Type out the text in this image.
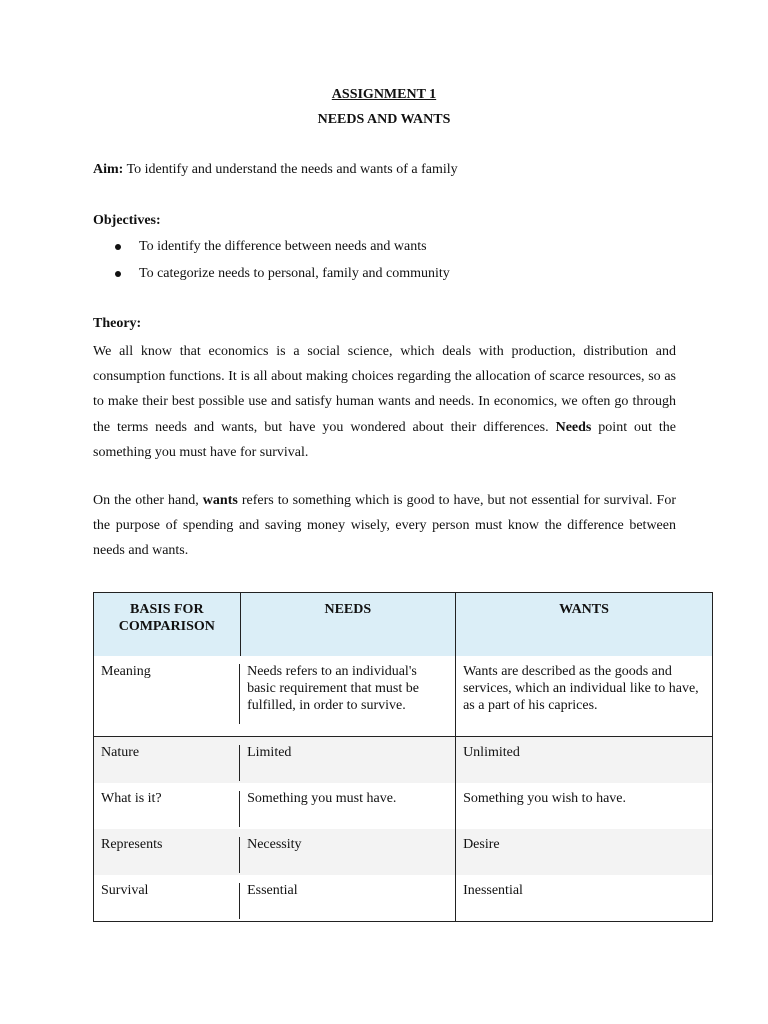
ASSIGNMENT 1
NEEDS AND WANTS
Aim: To identify and understand the needs and wants of a family
Objectives:
To identify the difference between needs and wants
To categorize needs to personal, family and community
Theory:

We all know that economics is a social science, which deals with production, distribution and consumption functions. It is all about making choices regarding the allocation of scarce resources, so as to make their best possible use and satisfy human wants and needs. In economics, we often go through the terms needs and wants, but have you wondered about their differences. Needs point out the something you must have for survival.

On the other hand, wants refers to something which is good to have, but not essential for survival. For the purpose of spending and saving money wisely, every person must know the difference between needs and wants.

BASIS FOR COMPARISON	NEEDS	WANTS

Meaning	Needs refers to an individual's basic requirement that must be fulfilled, in order to survive.	Wants are described as the goods and services, which an individual like to have, as a part of his caprices.

Nature	Limited	Unlimited

What is it?	Something you must have.	Something you wish to have.

Represents	Necessity	Desire

Survival	Essential	Inessential
